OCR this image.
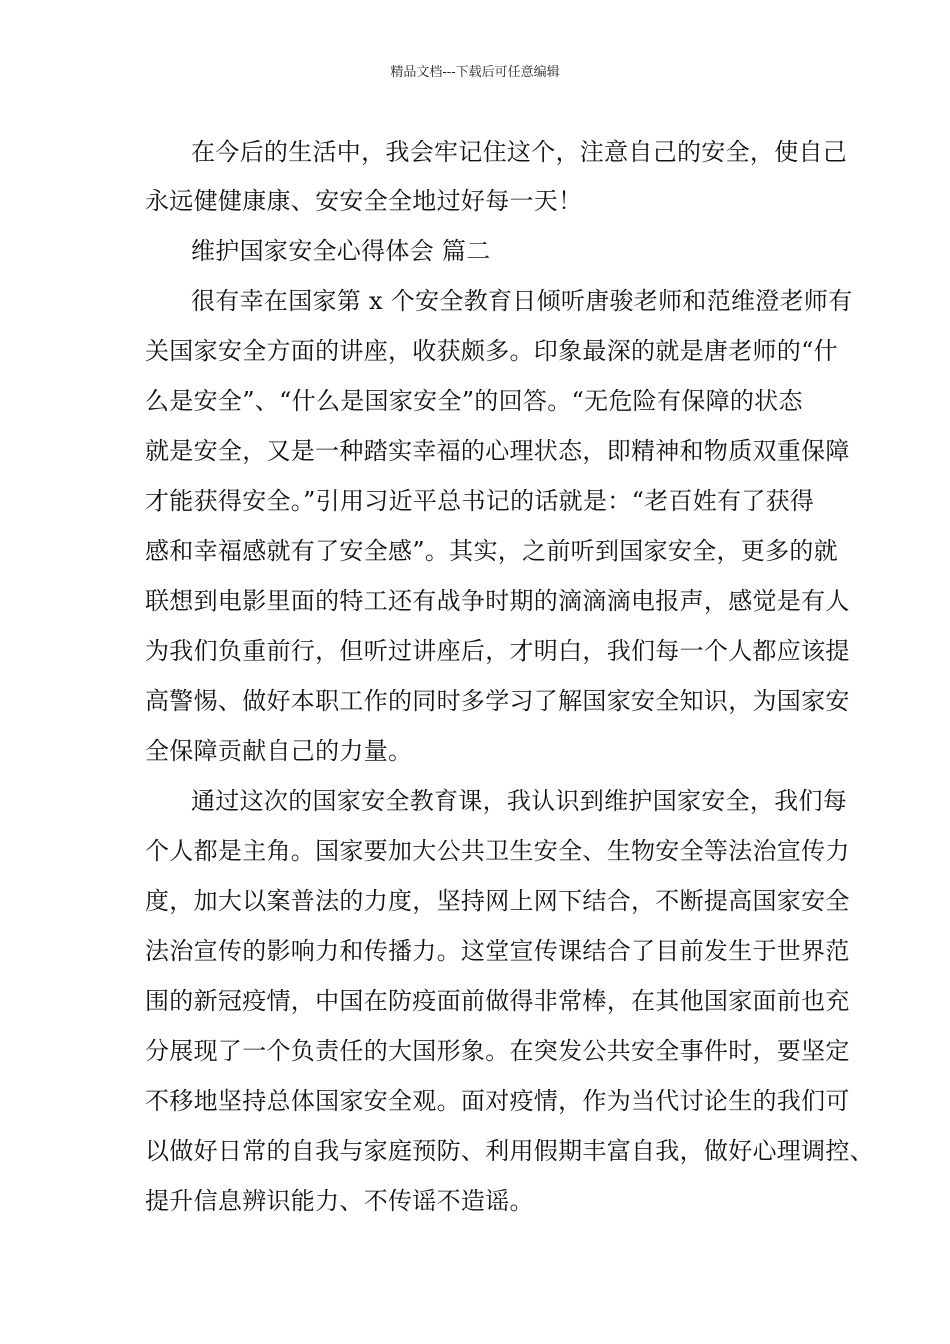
精品文档---下载后可任意编辑
在今后的生活中，我会牢记住这个，注意自己的安全，使自己
永远健健康康、安安全全地过好每一天！
维护国家安全心得体会 篇二
很有幸在国家第 x 个安全教育日倾听唐骏老师和范维澄老师有
关国家安全方面的讲座，收获颇多。印象最深的就是唐老师的“什
么是安全”、“什么是国家安全”的回答。“无危险有保障的状态
就是安全，又是一种踏实幸福的心理状态，即精神和物质双重保障
才能获得安全。”引用习近平总书记的话就是：“老百姓有了获得
感和幸福感就有了安全感”。其实，之前听到国家安全，更多的就
联想到电影里面的特工还有战争时期的滴滴滴电报声，感觉是有人
为我们负重前行，但听过讲座后，才明白，我们每一个人都应该提
高警惕、做好本职工作的同时多学习了解国家安全知识，为国家安
全保障贡献自己的力量。
通过这次的国家安全教育课，我认识到维护国家安全，我们每
个人都是主角。国家要加大公共卫生安全、生物安全等法治宣传力
度，加大以案普法的力度，坚持网上网下结合，不断提高国家安全
法治宣传的影响力和传播力。这堂宣传课结合了目前发生于世界范
围的新冠疫情，中国在防疫面前做得非常棒，在其他国家面前也充
分展现了一个负责任的大国形象。在突发公共安全事件时，要坚定
不移地坚持总体国家安全观。面对疫情，作为当代讨论生的我们可
以做好日常的自我与家庭预防、利用假期丰富自我，做好心理调控、
提升信息辨识能力、不传谣不造谣。
